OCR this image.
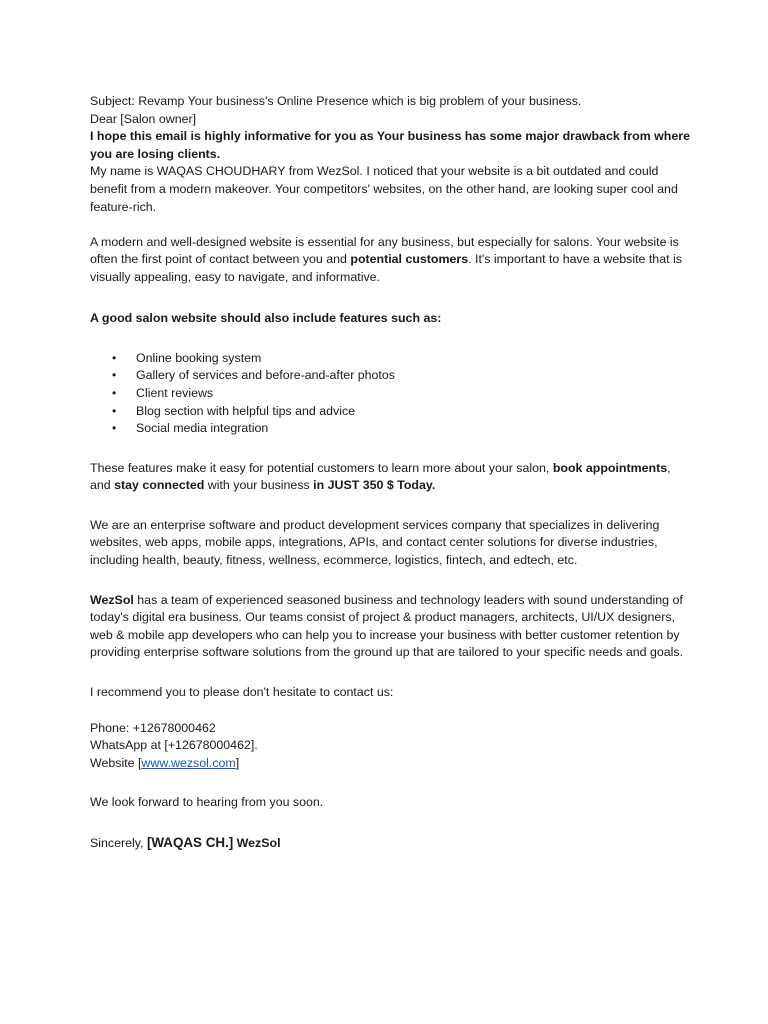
Subject: Revamp Your business's Online Presence which is big problem of your business.

Dear [Salon owner]

I hope this email is highly informative for you as Your business has some major drawback from where you are losing clients.

My name is WAQAS CHOUDHARY from WezSol. I noticed that your website is a bit outdated and could benefit from a modern makeover. Your competitors' websites, on the other hand, are looking super cool and feature-rich.

A modern and well-designed website is essential for any business, but especially for salons. Your website is often the first point of contact between you and potential customers. It's important to have a website that is visually appealing, easy to navigate, and informative.

A good salon website should also include features such as:

• Online booking system
• Gallery of services and before-and-after photos
• Client reviews
• Blog section with helpful tips and advice
• Social media integration

These features make it easy for potential customers to learn more about your salon, book appointments, and stay connected with your business in JUST 350 $ Today.

We are an enterprise software and product development services company that specializes in delivering websites, web apps, mobile apps, integrations, APIs, and contact center solutions for diverse industries, including health, beauty, fitness, wellness, ecommerce, logistics, fintech, and edtech, etc.

WezSol has a team of experienced seasoned business and technology leaders with sound understanding of today's digital era business. Our teams consist of project & product managers, architects, UI/UX designers, web & mobile app developers who can help you to increase your business with better customer retention by providing enterprise software solutions from the ground up that are tailored to your specific needs and goals.

I recommend you to please don't hesitate to contact us:

Phone: +12678000462

WhatsApp at [+12678000462].

Website [www.wezsol.com]

We look forward to hearing from you soon.

Sincerely, [WAQAS CH.] WezSol
